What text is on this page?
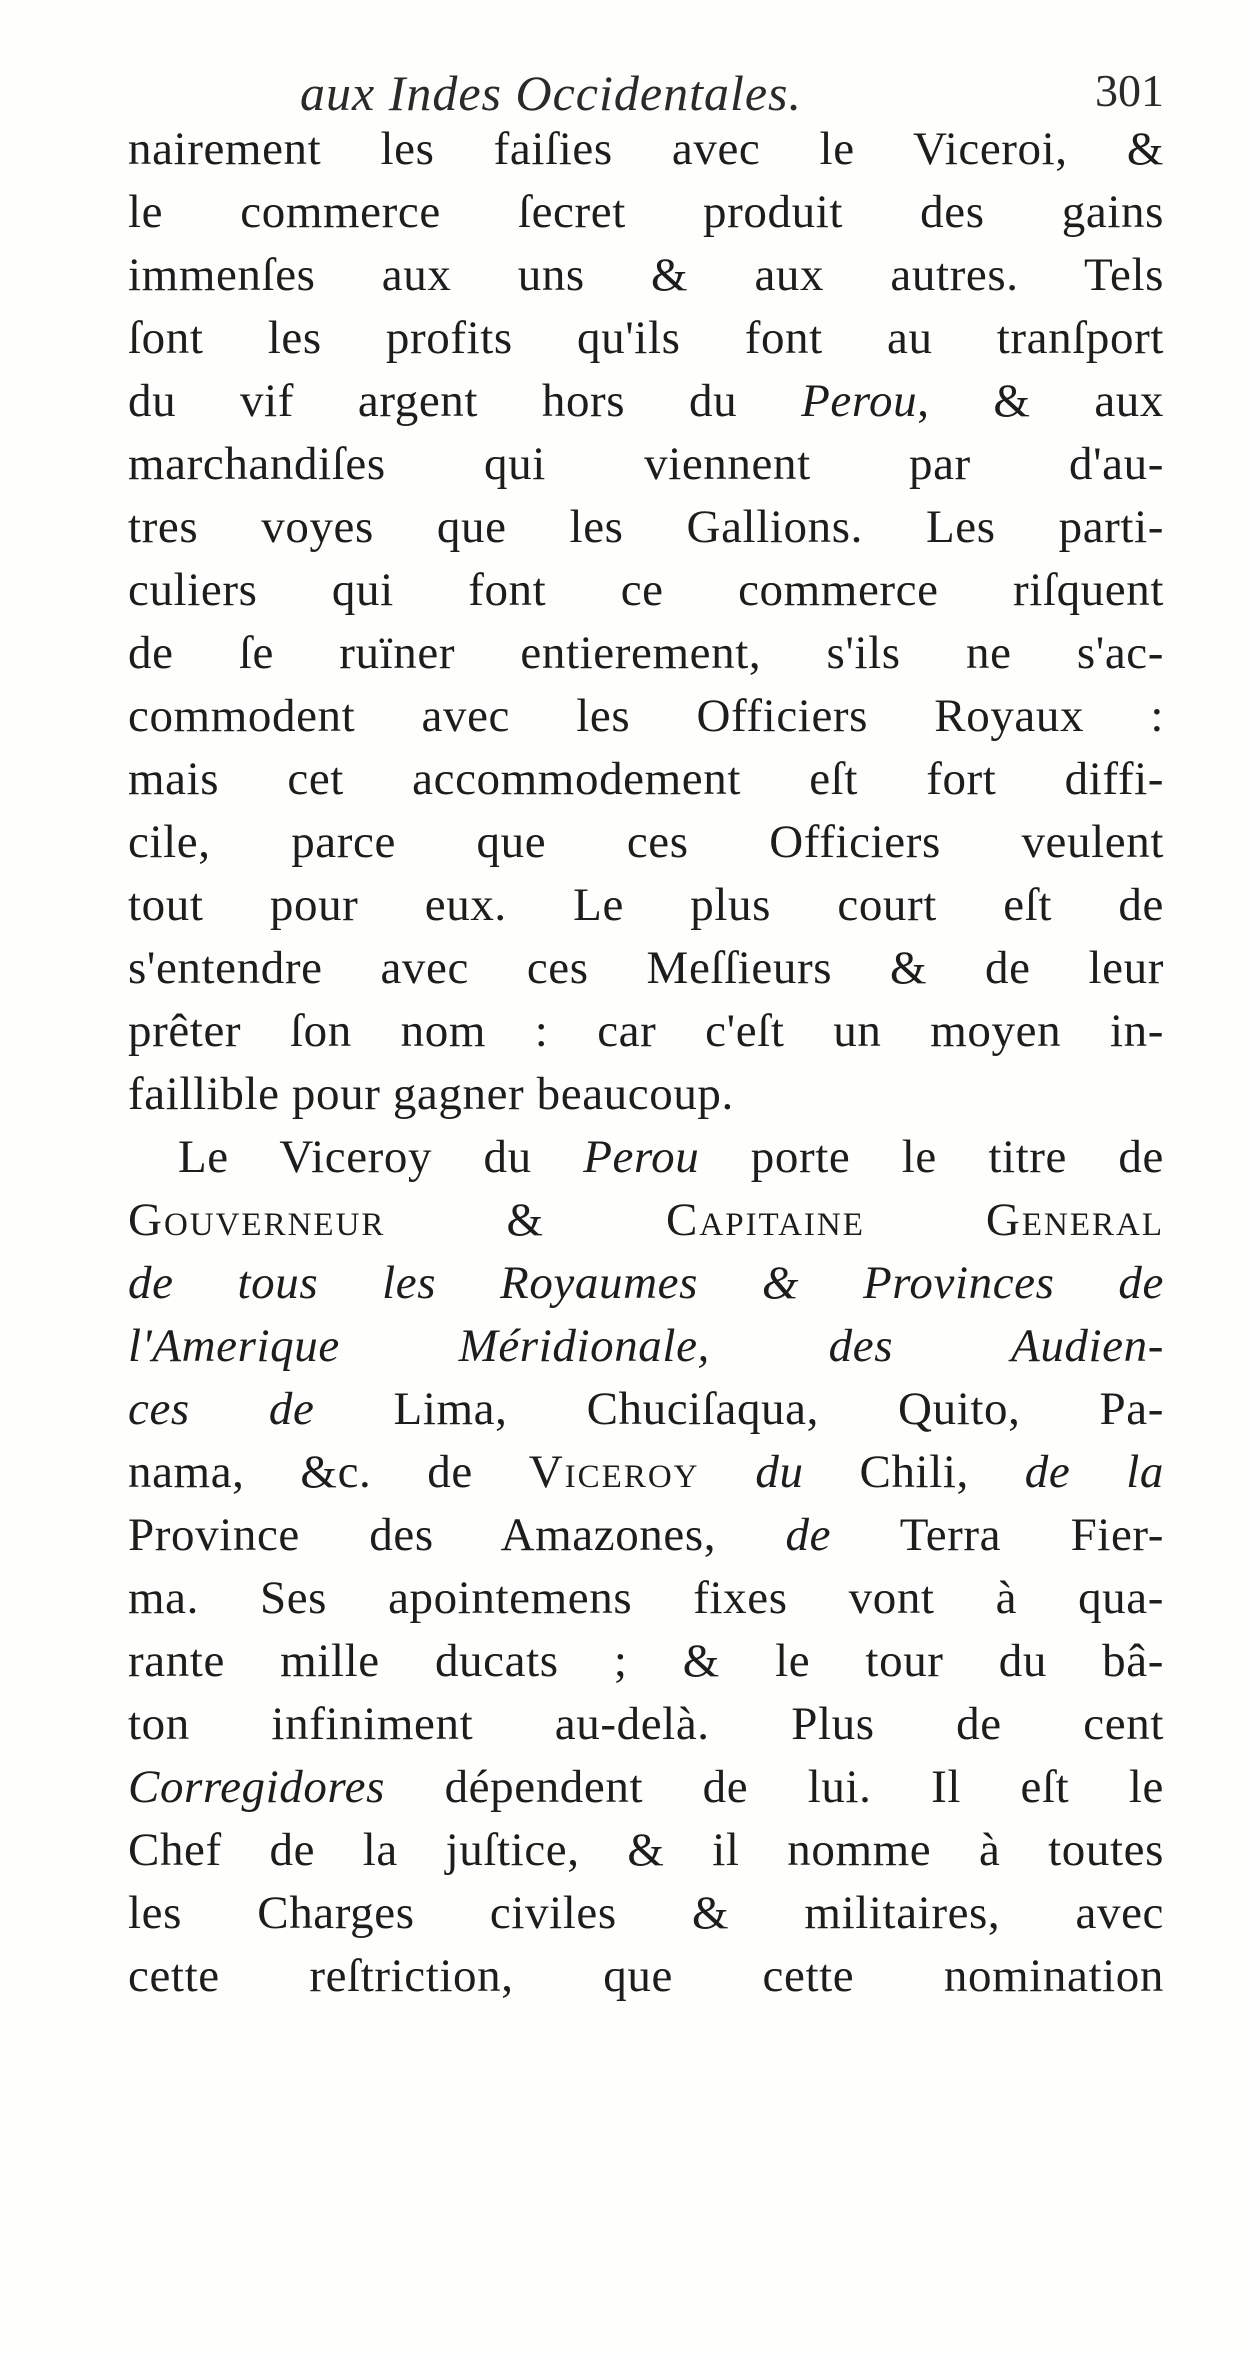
aux Indes Occidentales.	301
nairement les faiſies avec le Viceroi, &
le commerce ſecret produit des gains
immenſes aux uns & aux autres. Tels
ſont les profits qu'ils font au tranſport
du vif argent hors du Perou, & aux
marchandiſes qui viennent par d'au-
tres voyes que les Gallions. Les parti-
culiers qui font ce commerce riſquent
de ſe ruïner entierement, s'ils ne s'ac-
commodent avec les Officiers Royaux :
mais cet accommodement eſt fort diffi-
cile, parce que ces Officiers veulent
tout pour eux. Le plus court eſt de
s'entendre avec ces Meſſieurs & de leur
prêter ſon nom : car c'eſt un moyen in-
faillible pour gagner beaucoup.
Le Viceroy du Perou porte le titre de
Gouverneur & Capitaine General
de tous les Royaumes & Provinces de
l'Amerique Méridionale, des Audien-
ces de Lima, Chuciſaqua, Quito, Pa-
nama, &c. de Viceroy du Chili, de la
Province des Amazones, de Terra Fier-
ma. Ses apointemens fixes vont à qua-
rante mille ducats ; & le tour du bâ-
ton infiniment au-delà. Plus de cent
Corregidores dépendent de lui. Il eſt le
Chef de la juſtice, & il nomme à toutes
les Charges civiles & militaires, avec
cette reſtriction, que cette nomination
